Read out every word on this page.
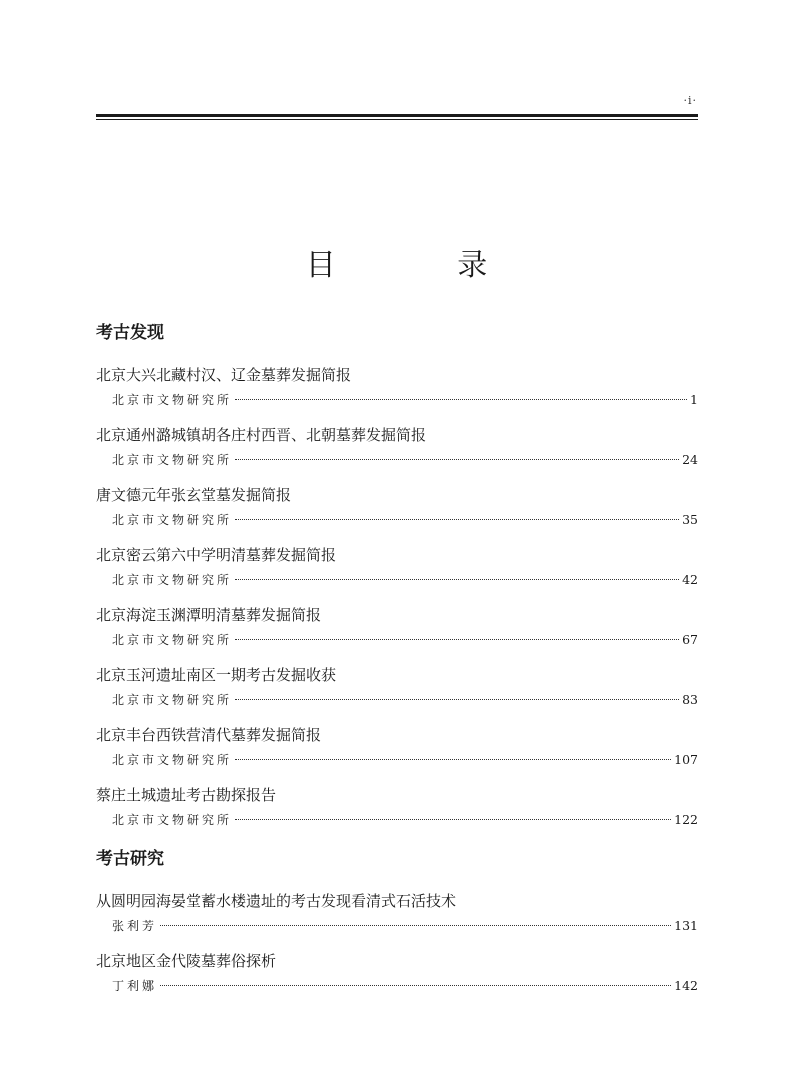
·i·
目 录
考古发现
北京大兴北藏村汉、辽金墓葬发掘简报
北京市文物研究所	1
北京通州潞城镇胡各庄村西晋、北朝墓葬发掘简报
北京市文物研究所	24
唐文德元年张玄堂墓发掘简报
北京市文物研究所	35
北京密云第六中学明清墓葬发掘简报
北京市文物研究所	42
北京海淀玉渊潭明清墓葬发掘简报
北京市文物研究所	67
北京玉河遗址南区一期考古发掘收获
北京市文物研究所	83
北京丰台西铁营清代墓葬发掘简报
北京市文物研究所	107
蔡庄土城遗址考古勘探报告
北京市文物研究所	122
考古研究
从圆明园海晏堂蓄水楼遗址的考古发现看清式石活技术
张利芳	131
北京地区金代陵墓葬俗探析
丁利娜	142
